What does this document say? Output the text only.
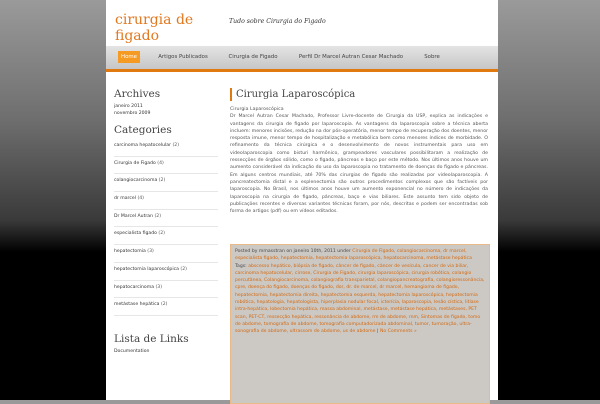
cirurgia de figado
Tudo sobre Cirurgia do Figado
Home	Artigos Publicados	Cirurgia de Figado	Perfil Dr Marcel Autran Cesar Machado	Sobre
Archives
janeiro 2011
novembro 2009
Categories
carcinoma hepatocelular (2)
Cirurgia de Figado (4)
colangiocarcinoma (2)
dr marcel (4)
Dr Marcel Autran (2)
especialista figado (2)
hepatectomia (3)
hepatectomia laparoscópica (2)
hepatocarcinoma (3)
metástase hepática (2)
Lista de Links
Documentation
Cirurgia Laparoscópica

Cirurgia Laparoscópica

Dr Marcel Autran Cesar Machado, Professor Livre-docente de Cirurgia da USP, explica as indicações e vantagens da cirurgia de figado por laparoscopia. As vantagens da laparoscopia sobre a técnica aberta incluem: menores incisões, redução na dor pós-operatória, menor tempo de recuperação dos doentes, menor resposta imune, menor tempo de hospitalização e metabólica bem como menores índices de morbidade. O refinamento da técnica cirúrgica e o desenvolvimento de novos instrumentais para uso em videolaparoscopia como bisturi harmônico, grampeadores vasculares possibilitaram a realização de ressecções de órgãos sólido, como o figado, pâncreas e baço por este método. Nos últimos anos houve um aumento considerável da indicação do uso da laparoscopia no tratamento de doenças do figado e pâncreas. Em alguns centros mundiais, até 70% das cirurgias de figado são realizadas por videolaparoscopia. A pancreatectomia distal e a esplenectomia são outros procedimentos complexos que são factíveis por laparoscopia. No Brasil, nos últimos anos houve um aumento exponencial no número de indicações da laparoscopia na cirurgia de figado, pâncreas, baço e vias biliares. Este assunto tem sido objeto de publicações recentes e diversas variantes técnicas foram, por nós, descritas e podem ser encontradas sob forma de artigos (pdf) ou em vídeos editados.

Posted by mmasstran on janeiro 10th, 2011 under Cirurgia de Figado, colangiocarcinoma, dr marcel, especialista figado, hepatectomia, hepatectomia laparoscópica, hepatocarcinoma, metástase hepática Tags: abscesso hepático, biópsia de figado, câncer de figado, câncer de vesícula, cancer de via biliar, carcinoma hepatocelular, cirrose, Cirurgia de Figado, cirurgia laparoscópica, cirurgia robótica, colangio percutânea, Colangiocarcinoma, colangiografia transparietal, colangiopancreatografia, colangioressonância, cpre, doença do figado, doenças do figado, dor, dr. de marcel, dr marcel, hemangioma de figado, hepatectomia, hepatectomia direita, hepatectomia esquerda, hepatectomia laparoscópica, hepatectomia robótica, hepatologia, hepatologista, hiperplasia nodular focal, icterícia, laparoscopia, lesão cística, litíase intra-hepática, lobectomia hepática, massa abdominal, metástase, metástase hepática, metástases, PET scan, PET-CT, ressecção hepática, ressonância de abdome, rm de abdome, rnm, Sintomas de figado, tomo de abdome, tomografia de abdome, tomografia computadorizada abdominal, tumor, tumoração, ultra-sonografia de abdome, ultrassom de abdome, us de abdome | No Comments »
